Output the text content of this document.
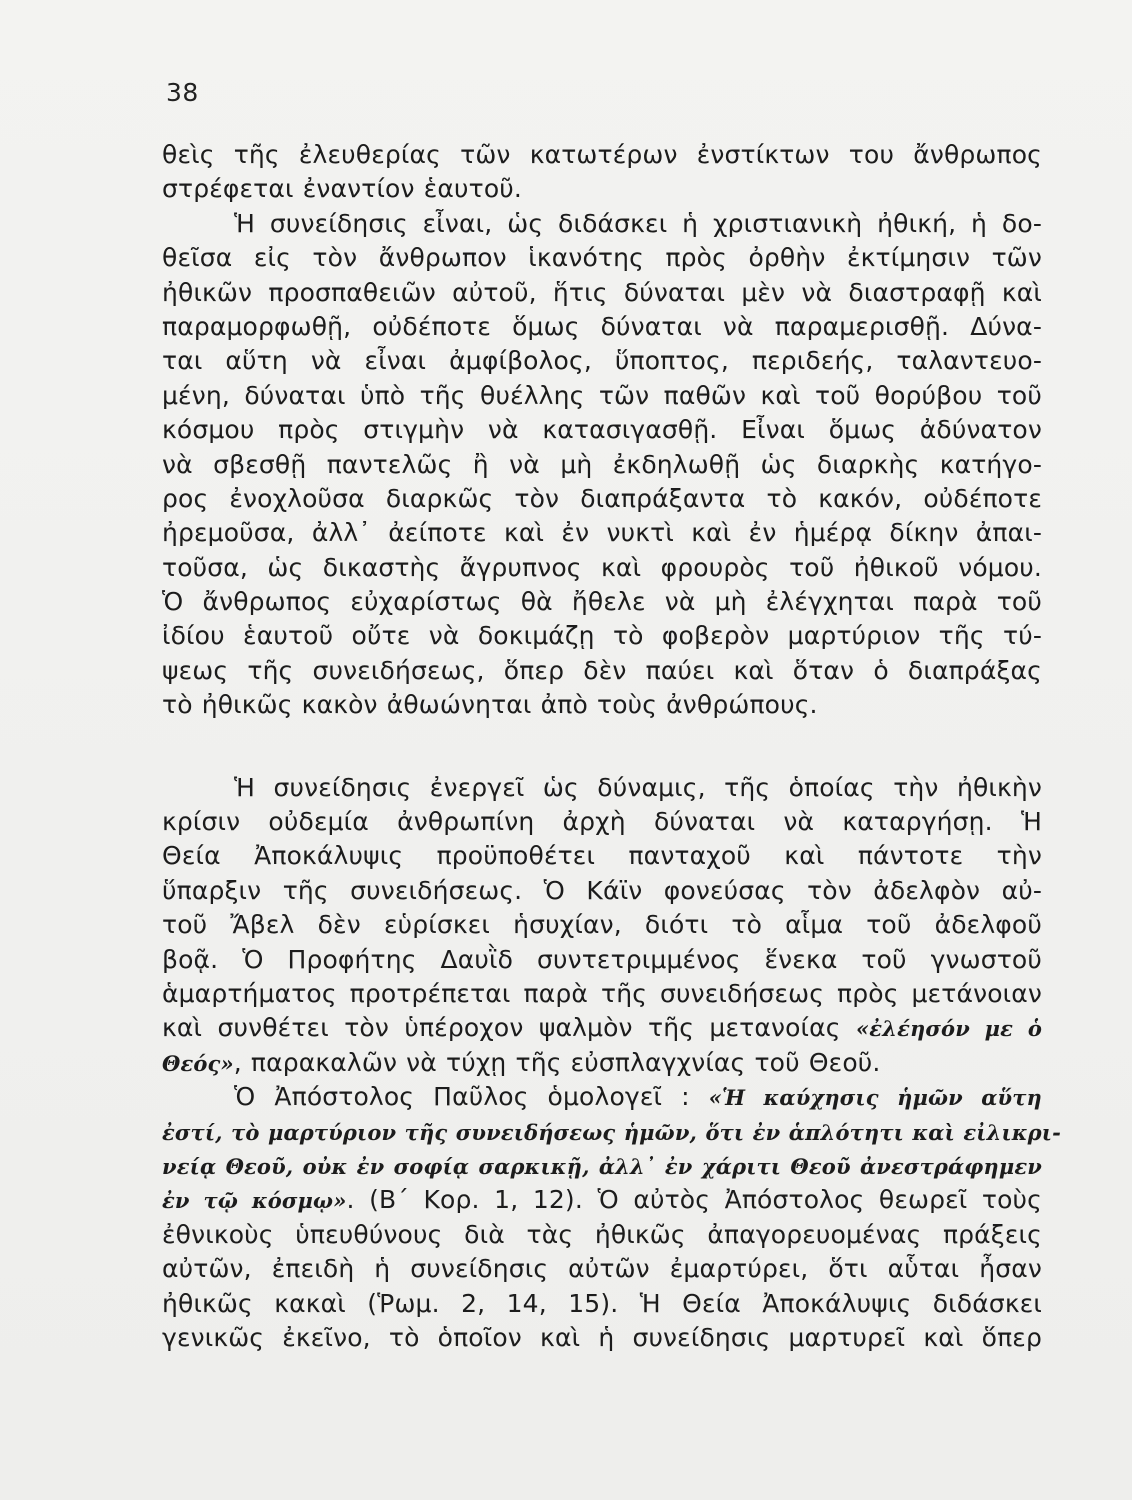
38
θεὶς τῆς ἐλευθερίας τῶν κατωτέρων ἐνστίκτων του ἄνθρωπος
στρέφεται ἐναντίον ἑαυτοῦ.
Ἡ συνείδησις εἶναι, ὡς διδάσκει ἡ χριστιανικὴ ἠθική, ἡ δο-
θεῖσα εἰς τὸν ἄνθρωπον ἱκανότης πρὸς ὀρθὴν ἐκτίμησιν τῶν
ἠθικῶν προσπαθειῶν αὐτοῦ, ἥτις δύναται μὲν νὰ διαστραφῇ καὶ
παραμορφωθῇ, οὐδέποτε ὅμως δύναται νὰ παραμερισθῇ. Δύνα-
ται αὕτη νὰ εἶναι ἀμφίβολος, ὕποπτος, περιδεής, ταλαντευο-
μένη, δύναται ὑπὸ τῆς θυέλλης τῶν παθῶν καὶ τοῦ θορύβου τοῦ
κόσμου πρὸς στιγμὴν νὰ κατασιγασθῇ. Εἶναι ὅμως ἀδύνατον
νὰ σβεσθῇ παντελῶς ἢ νὰ μὴ ἐκδηλωθῇ ὡς διαρκὴς κατήγο-
ρος ἐνοχλοῦσα διαρκῶς τὸν διαπράξαντα τὸ κακόν, οὐδέποτε
ἠρεμοῦσα, ἀλλ᾽ ἀείποτε καὶ ἐν νυκτὶ καὶ ἐν ἡμέρᾳ δίκην ἀπαι-
τοῦσα, ὡς δικαστὴς ἄγρυπνος καὶ φρουρὸς τοῦ ἠθικοῦ νόμου.
Ὁ ἄνθρωπος εὐχαρίστως θὰ ἤθελε νὰ μὴ ἐλέγχηται παρὰ τοῦ
ἰδίου ἑαυτοῦ οὔτε νὰ δοκιμάζῃ τὸ φοβερὸν μαρτύριον τῆς τύ-
ψεως τῆς συνειδήσεως, ὅπερ δὲν παύει καὶ ὅταν ὁ διαπράξας
τὸ ἠθικῶς κακὸν ἀθωώνηται ἀπὸ τοὺς ἀνθρώπους.
Ἡ συνείδησις ἐνεργεῖ ὡς δύναμις, τῆς ὁποίας τὴν ἠθικὴν
κρίσιν οὐδεμία ἀνθρωπίνη ἀρχὴ δύναται νὰ καταργήσῃ. Ἡ
Θεία Ἀποκάλυψις προϋποθέτει πανταχοῦ καὶ πάντοτε τὴν
ὕπαρξιν τῆς συνειδήσεως. Ὁ Κάϊν φονεύσας τὸν ἀδελφὸν αὐ-
τοῦ Ἄβελ δὲν εὑρίσκει ἡσυχίαν, διότι τὸ αἷμα τοῦ ἀδελφοῦ
βοᾷ. Ὁ Προφήτης Δαυῒδ συντετριμμένος ἕνεκα τοῦ γνωστοῦ
ἁμαρτήματος προτρέπεται παρὰ τῆς συνειδήσεως πρὸς μετάνοιαν
καὶ συνθέτει τὸν ὑπέροχον ψαλμὸν τῆς μετανοίας «ἐλέησόν με ὁ
Θεός», παρακαλῶν νὰ τύχῃ τῆς εὐσπλαγχνίας τοῦ Θεοῦ.
Ὁ Ἀπόστολος Παῦλος ὁμολογεῖ : «Ἡ καύχησις ἡμῶν αὕτη
ἐστί, τὸ μαρτύριον τῆς συνειδήσεως ἡμῶν, ὅτι ἐν ἁπλότητι καὶ εἰλικρι-
νείᾳ Θεοῦ, οὐκ ἐν σοφίᾳ σαρκικῇ, ἀλλ᾽ ἐν χάριτι Θεοῦ ἀνεστράφημεν
ἐν τῷ κόσμῳ». (Β΄ Κορ. 1, 12). Ὁ αὐτὸς Ἀπόστολος θεωρεῖ τοὺς
ἐθνικοὺς ὑπευθύνους διὰ τὰς ἠθικῶς ἀπαγορευομένας πράξεις
αὐτῶν, ἐπειδὴ ἡ συνείδησις αὐτῶν ἐμαρτύρει, ὅτι αὗται ἦσαν
ἠθικῶς κακαὶ (Ῥωμ. 2, 14, 15). Ἡ Θεία Ἀποκάλυψις διδάσκει
γενικῶς ἐκεῖνο, τὸ ὁποῖον καὶ ἡ συνείδησις μαρτυρεῖ καὶ ὅπερ
